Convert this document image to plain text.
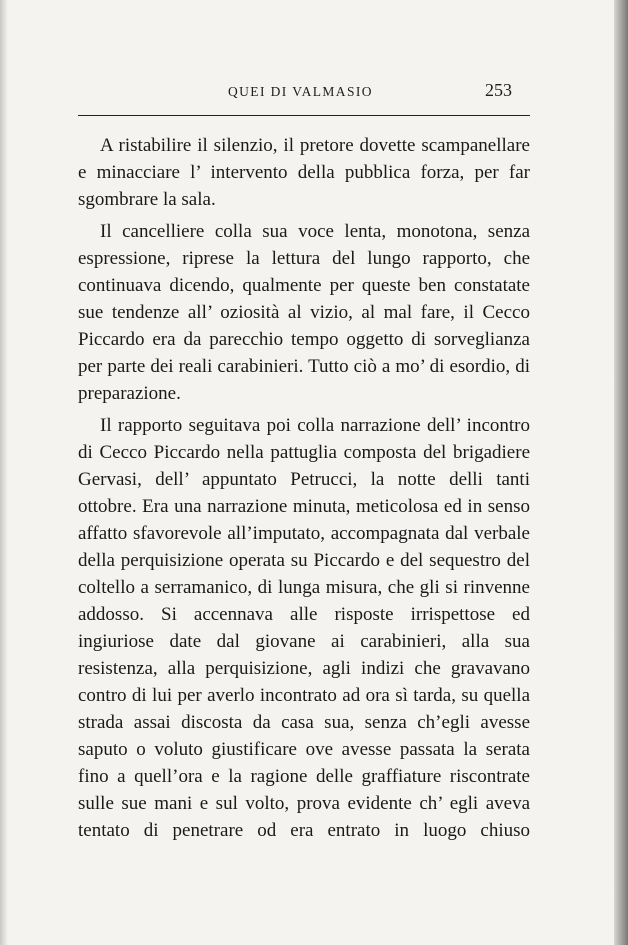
QUEI DI VALMASIO	253

A ristabilire il silenzio, il pretore dovette scampanellare e minacciare l’ intervento della pubblica forza, per far sgombrare la sala.

Il cancelliere colla sua voce lenta, monotona, senza espressione, riprese la lettura del lungo rapporto, che continuava dicendo, qualmente per queste ben constatate sue tendenze all’ oziosità al vizio, al mal fare, il Cecco Piccardo era da parecchio tempo oggetto di sorveglianza per parte dei reali carabinieri. Tutto ciò a mo’ di esordio, di preparazione.

Il rapporto seguitava poi colla narrazione dell’ incontro di Cecco Piccardo nella pattuglia composta del brigadiere Gervasi, dell’ appuntato Petrucci, la notte delli tanti ottobre. Era una narrazione minuta, meticolosa ed in senso affatto sfavorevole all’imputato, accompagnata dal verbale della perquisizione operata su Piccardo e del sequestro del coltello a serramanico, di lunga misura, che gli si rinvenne addosso. Si accennava alle risposte irrispettose ed ingiuriose date dal giovane ai carabinieri, alla sua resistenza, alla perquisizione, agli indizi che gravavano contro di lui per averlo incontrato ad ora sì tarda, su quella strada assai discosta da casa sua, senza ch’egli avesse saputo o voluto giustificare ove avesse passata la serata fino a quell’ora e la ragione delle graffiature riscontrate sulle sue mani e sul volto, prova evidente ch’ egli aveva tentato di penetrare od era entrato in luogo chiuso
